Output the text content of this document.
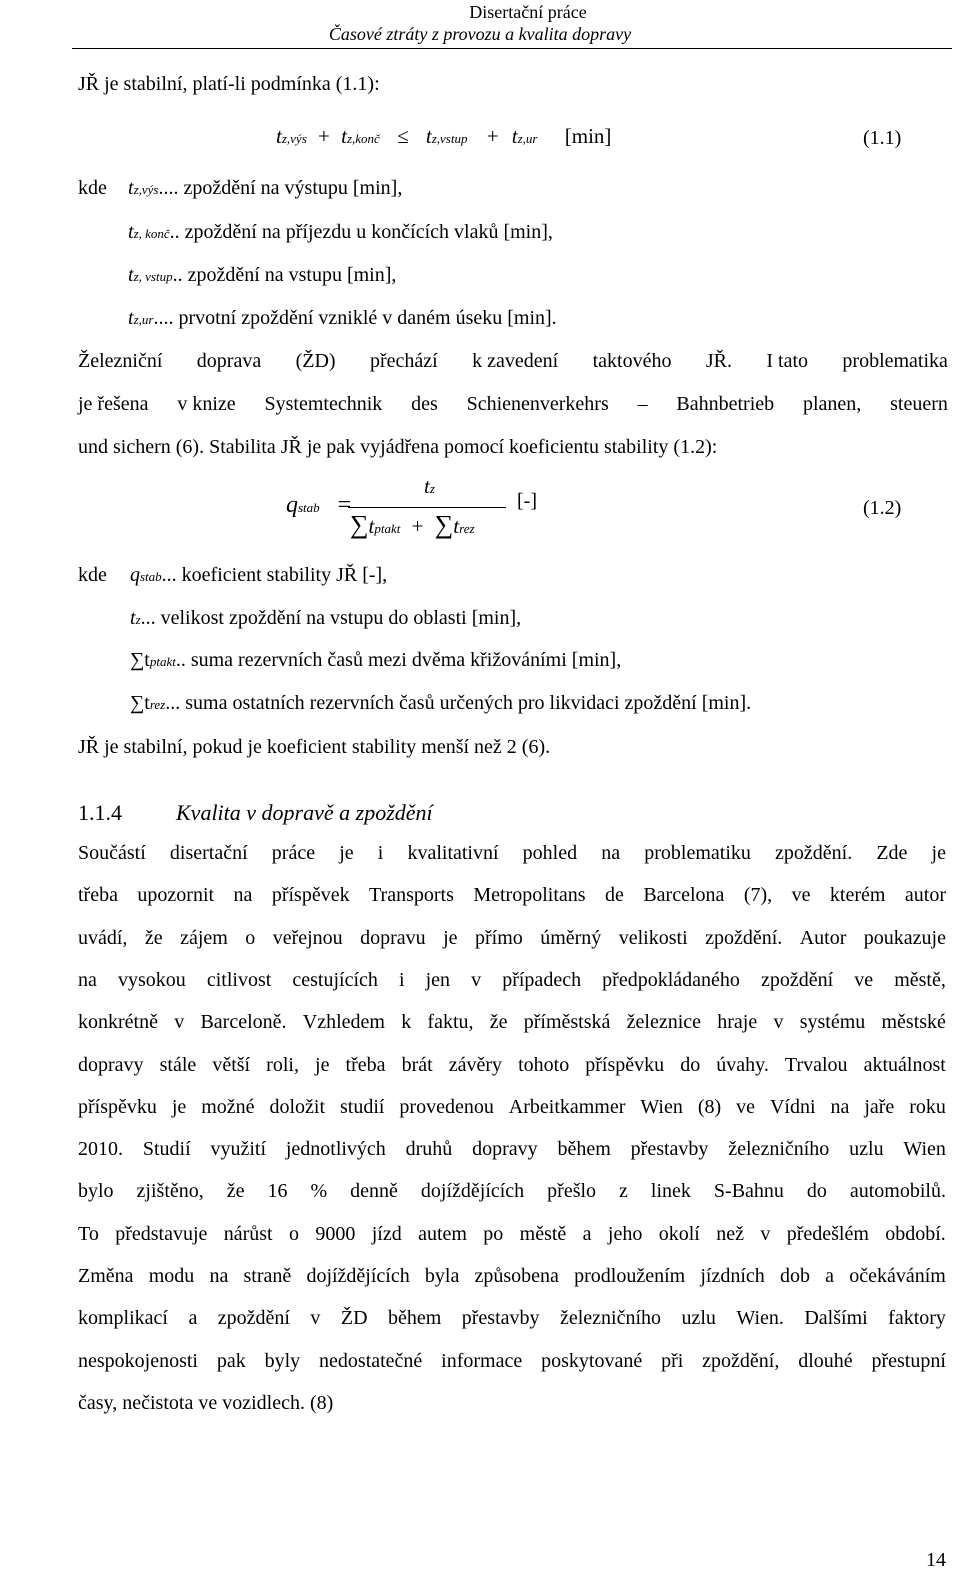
Disertační práce
Časové ztráty z provozu a kvalita dopravy
JŘ je stabilní, platí-li podmínka (1.1):
tz,výs + tz,konč ≤ tz,vstup + tz,ur [min]	(1.1)
kde tz,výs.... zpoždění na výstupu [min],
tz, konč.. zpoždění na příjezdu u končících vlaků [min],
tz, vstup.. zpoždění na vstupu [min],
tz,ur.... prvotní zpoždění vzniklé v daném úseku [min].
Železniční doprava (ŽD) přechází k zavedení taktového JŘ. I tato problematika
je řešena v knize Systemtechnik des Schienenverkehrs – Bahnbetrieb planen, steuern
und sichern (6). Stabilita JŘ je pak vyjádřena pomocí koeficientu stability (1.2):
qstab =
tz
∑tptakt + ∑trez
[-]	(1.2)
kde qstab... koeficient stability JŘ [-],
tz... velikost zpoždění na vstupu do oblasti [min],
∑tptakt.. suma rezervních časů mezi dvěma křižováními [min],
∑trez... suma ostatních rezervních časů určených pro likvidaci zpoždění [min].
JŘ je stabilní, pokud je koeficient stability menší než 2 (6).
1.1.4 Kvalita v dopravě a zpoždění
Součástí disertační práce je i kvalitativní pohled na problematiku zpoždění. Zde je
třeba upozornit na příspěvek Transports Metropolitans de Barcelona (7), ve kterém autor
uvádí, že zájem o veřejnou dopravu je přímo úměrný velikosti zpoždění. Autor poukazuje
na vysokou citlivost cestujících i jen v případech předpokládaného zpoždění ve městě,
konkrétně v Barceloně. Vzhledem k faktu, že příměstská železnice hraje v systému městské
dopravy stále větší roli, je třeba brát závěry tohoto příspěvku do úvahy. Trvalou aktuálnost
příspěvku je možné doložit studií provedenou Arbeitkammer Wien (8) ve Vídni na jaře roku
2010. Studií využití jednotlivých druhů dopravy během přestavby železničního uzlu Wien
bylo zjištěno, že 16 % denně dojíždějících přešlo z linek S-Bahnu do automobilů.
To představuje nárůst o 9000 jízd autem po městě a jeho okolí než v předešlém období.
Změna modu na straně dojíždějících byla způsobena prodloužením jízdních dob a očekáváním
komplikací a zpoždění v ŽD během přestavby železničního uzlu Wien. Dalšími faktory
nespokojenosti pak byly nedostatečné informace poskytované při zpoždění, dlouhé přestupní
časy, nečistota ve vozidlech. (8)
14
